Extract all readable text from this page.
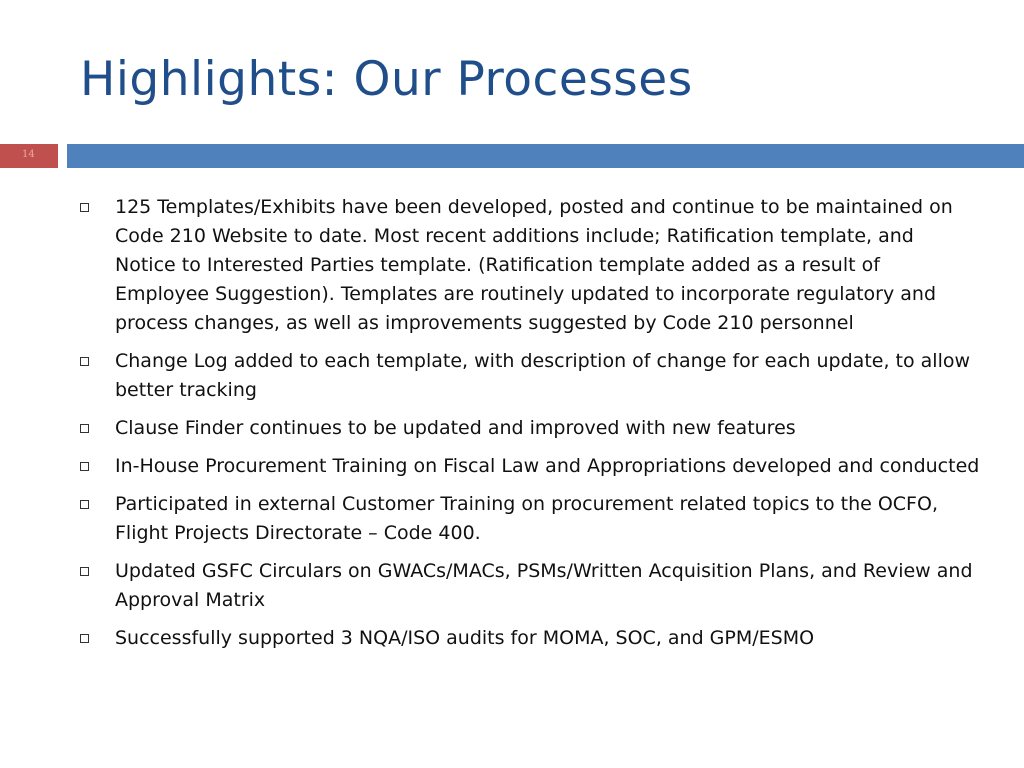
Highlights: Our Processes
14
125 Templates/Exhibits have been developed, posted and continue to be maintained on Code 210 Website to date. Most recent additions include; Ratification template, and Notice to Interested Parties template. (Ratification template added as a result of Employee Suggestion). Templates are routinely updated to incorporate regulatory and process changes, as well as improvements suggested by Code 210 personnel
Change Log added to each template, with description of change for each update, to allow better tracking
Clause Finder continues to be updated and improved with new features
In-House Procurement Training on Fiscal Law and Appropriations developed and conducted
Participated in external Customer Training on procurement related topics to the OCFO, Flight Projects Directorate – Code 400.
Updated GSFC Circulars on GWACs/MACs, PSMs/Written Acquisition Plans, and Review and Approval Matrix
Successfully supported 3 NQA/ISO audits for MOMA, SOC, and GPM/ESMO
